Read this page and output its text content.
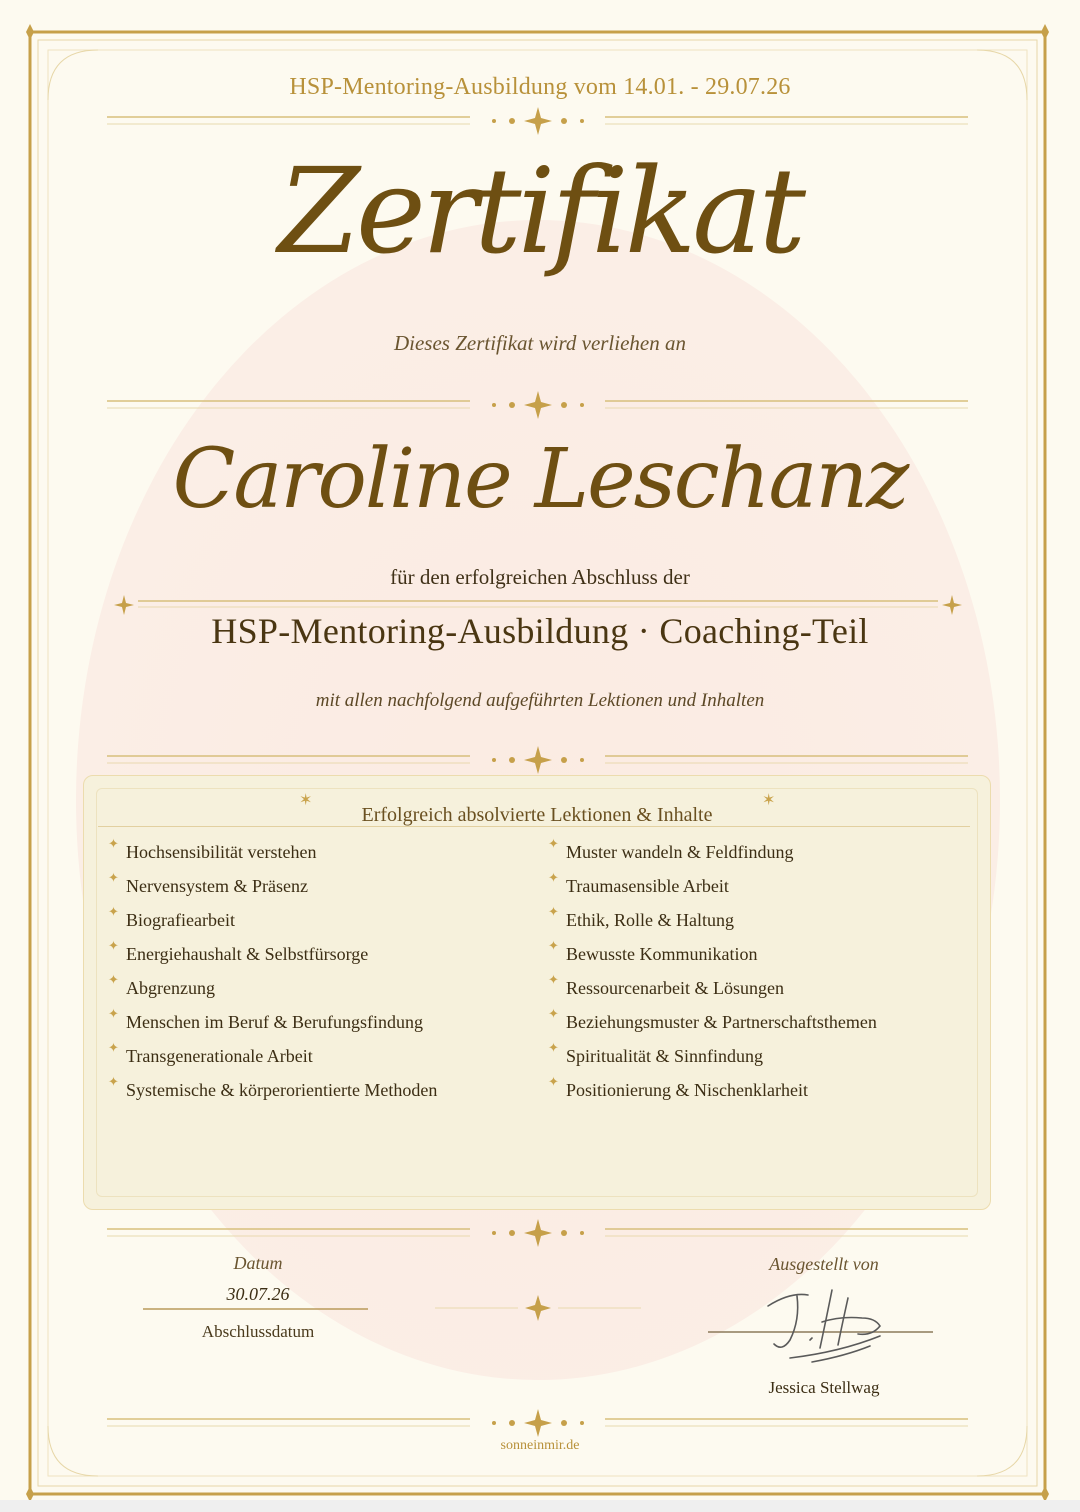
HSP-Mentoring-Ausbildung vom 14.01. - 29.07.26
Zertifikat
Dieses Zertifikat wird verliehen an
Caroline Leschanz
für den erfolgreichen Abschluss der
HSP-Mentoring-Ausbildung · Coaching-Teil
mit allen nachfolgend aufgeführten Lektionen und Inhalten
✶	✶
Erfolgreich absolvierte Lektionen & Inhalte
✦ Hochsensibilität verstehen
✦ Nervensystem & Präsenz
✦ Biografiearbeit
✦ Energiehaushalt & Selbstfürsorge
✦ Abgrenzung
✦ Menschen im Beruf & Berufungsfindung
✦ Transgenerationale Arbeit
✦ Systemische & körperorientierte Methoden
✦ Muster wandeln & Feldfindung
✦ Traumasensible Arbeit
✦ Ethik, Rolle & Haltung
✦ Bewusste Kommunikation
✦ Ressourcenarbeit & Lösungen
✦ Beziehungsmuster & Partnerschaftsthemen
✦ Spiritualität & Sinnfindung
✦ Positionierung & Nischenklarheit
Datum
30.07.26
Abschlussdatum
Ausgestellt von
Jessica Stellwag
sonneinmir.de
